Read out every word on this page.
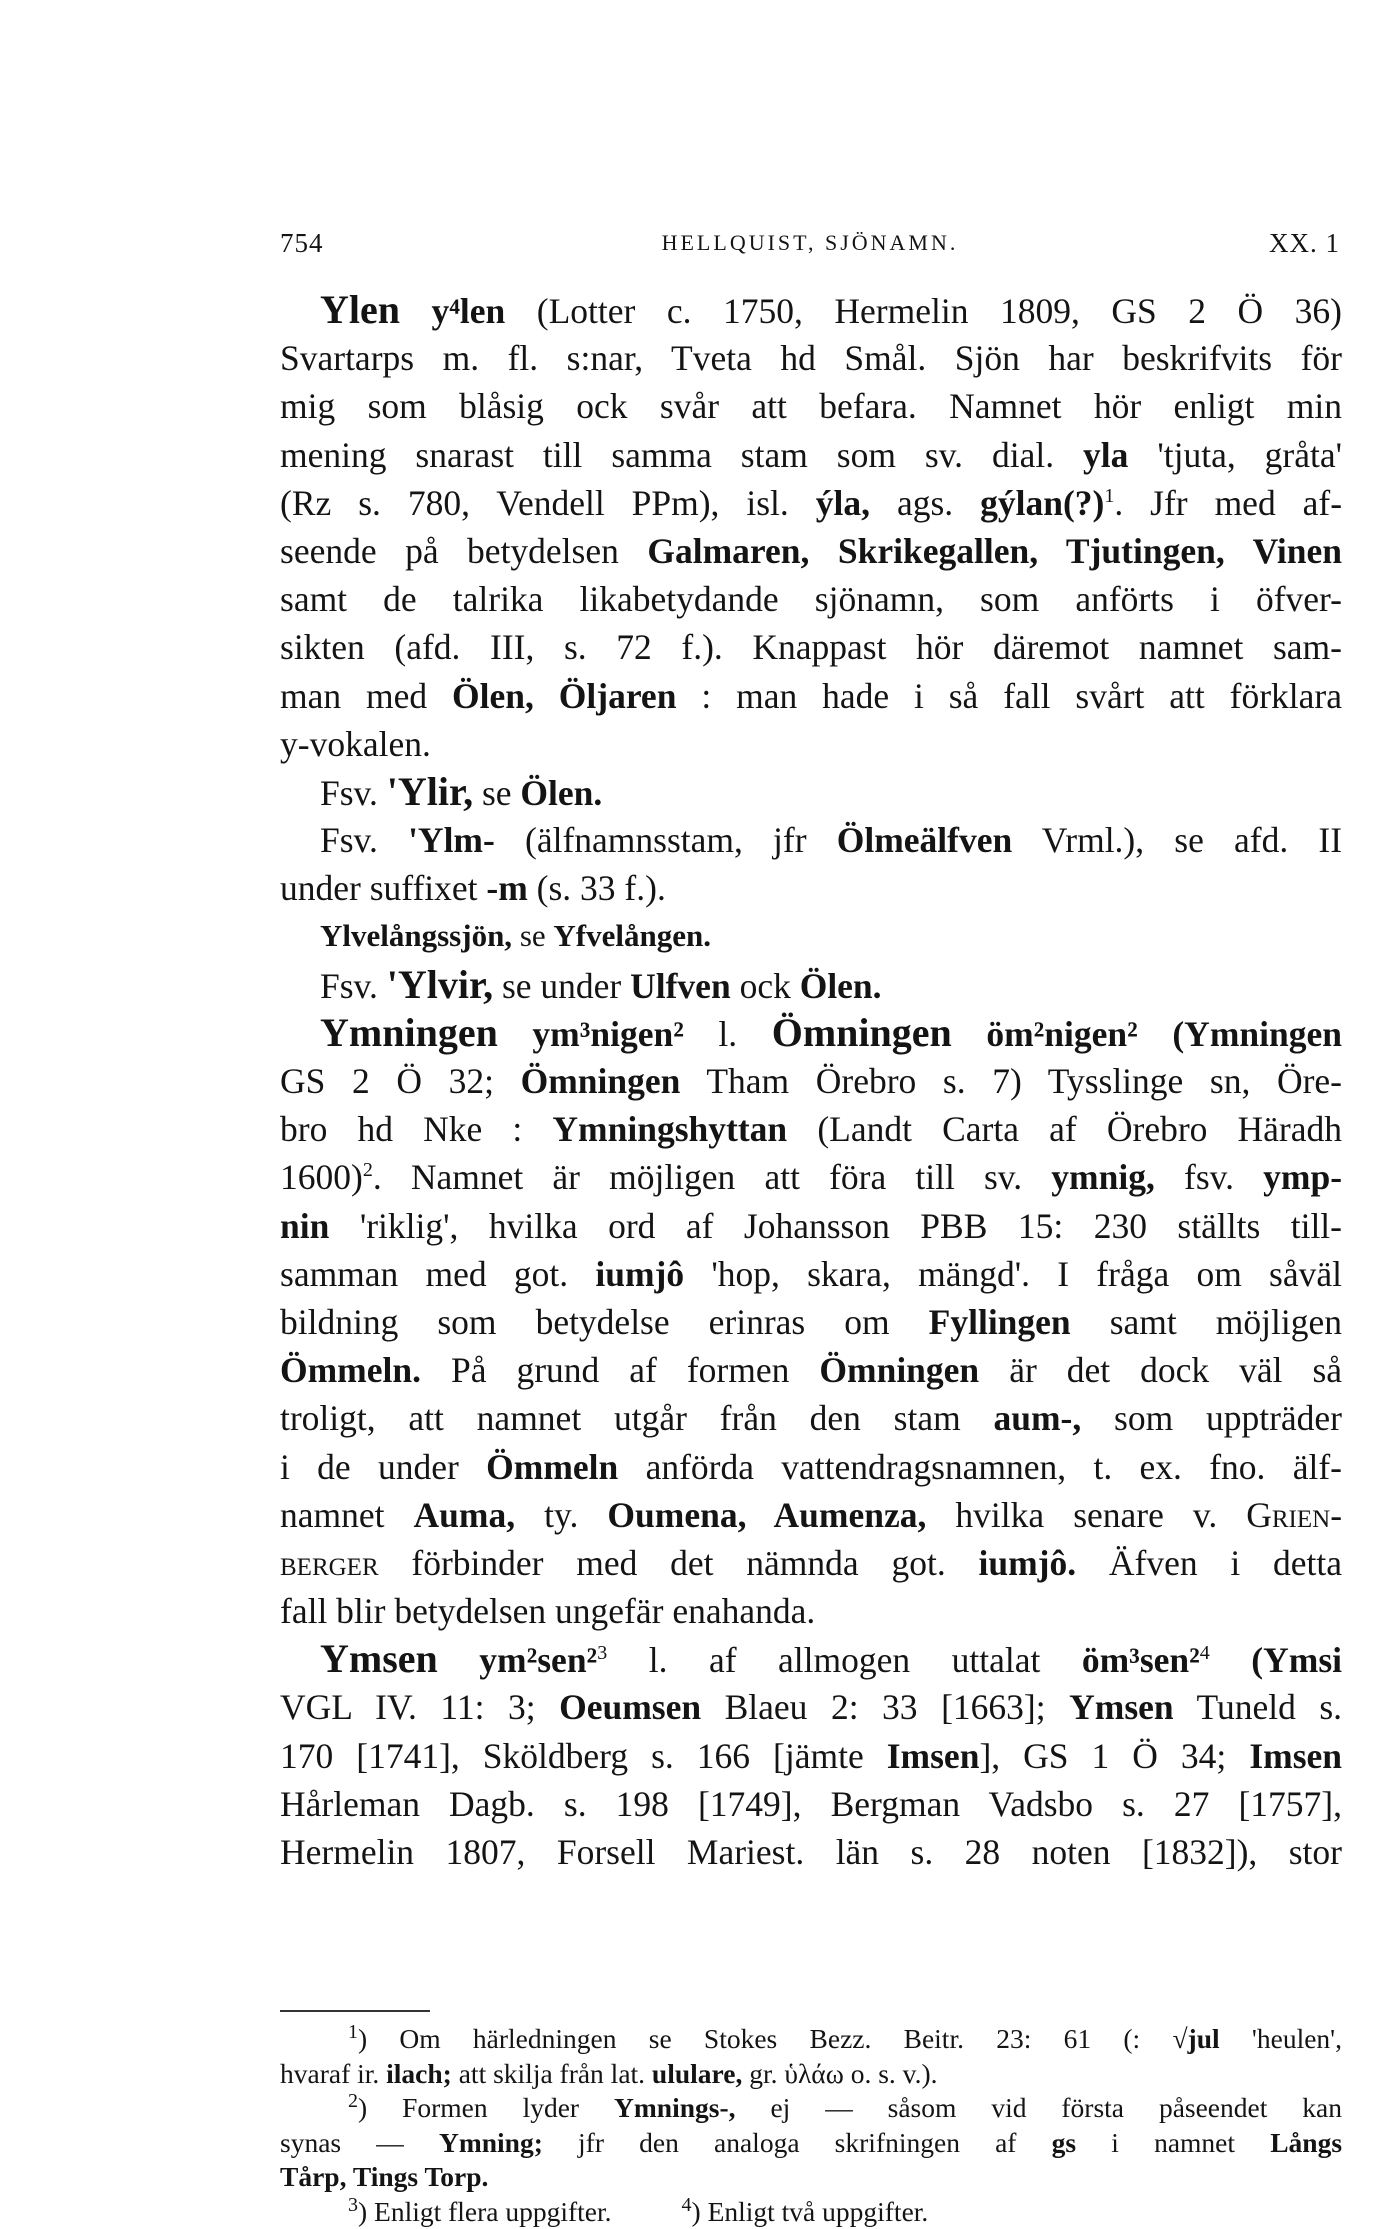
754	HELLQUIST, SJÖNAMN.	XX. 1
Ylen y⁴len (Lotter c. 1750, Hermelin 1809, GS 2 Ö 36)
Svartarps m. fl. s:nar, Tveta hd Smål. Sjön har beskrifvits för
mig som blåsig ock svår att befara. Namnet hör enligt min
mening snarast till samma stam som sv. dial. yla 'tjuta, gråta'
(Rz s. 780, Vendell PPm), isl. ýla, ags. gýlan(?)$^1$. Jfr med af-
seende på betydelsen Galmaren, Skrikegallen, Tjutingen, Vinen
samt de talrika likabetydande sjönamn, som anförts i öfver-
sikten (afd. III, s. 72 f.). Knappast hör däremot namnet sam-
man med Ölen, Öljaren : man hade i så fall svårt att förklara
y-vokalen.
Fsv. 'Ylir, se Ölen.
Fsv. 'Ylm- (älfnamnsstam, jfr Ölmeälfven Vrml.), se afd. II
under suffixet -m (s. 33 f.).
Ylvelångssjön, se Yfvelången.
Fsv. 'Ylvir, se under Ulfven ock Ölen.
Ymningen ym³nigen² l. Ömningen öm²nigen² (Ymningen
GS 2 Ö 32; Ömningen Tham Örebro s. 7) Tysslinge sn, Öre-
bro hd Nke : Ymningshyttan (Landt Carta af Örebro Häradh
1600)$^2$. Namnet är möjligen att föra till sv. ymnig, fsv. ymp-
nin 'riklig', hvilka ord af Johansson PBB 15: 230 ställts till-
samman med got. iumjô 'hop, skara, mängd'. I fråga om såväl
bildning som betydelse erinras om Fyllingen samt möjligen
Ömmeln. På grund af formen Ömningen är det dock väl så
troligt, att namnet utgår från den stam aum-, som uppträder
i de under Ömmeln anförda vattendragsnamnen, t. ex. fno. älf-
namnet Auma, ty. Oumena, Aumenza, hvilka senare v. Grien-
berger förbinder med det nämnda got. iumjô. Äfven i detta
fall blir betydelsen ungefär enahanda.
Ymsen ym²sen²$^3$ l. af allmogen uttalat öm³sen²$^4$ (Ymsi
VGL IV. 11: 3; Oeumsen Blaeu 2: 33 [1663]; Ymsen Tuneld s.
170 [1741], Sköldberg s. 166 [jämte Imsen], GS 1 Ö 34; Imsen
Hårleman Dagb. s. 198 [1749], Bergman Vadsbo s. 27 [1757],
Hermelin 1807, Forsell Mariest. län s. 28 noten [1832]), stor
$^1$) Om härledningen se Stokes Bezz. Beitr. 23: 61 (: √jul 'heulen',
hvaraf ir. ilach; att skilja från lat. ululare, gr. ὑλάω o. s. v.).
$^2$) Formen lyder Ymnings-, ej — såsom vid första påseendet kan
synas — Ymning; jfr den analoga skrifningen af gs i namnet Långs
Tårp, Tings Torp.
$^3$) Enligt flera uppgifter.	$^4$) Enligt två uppgifter.
